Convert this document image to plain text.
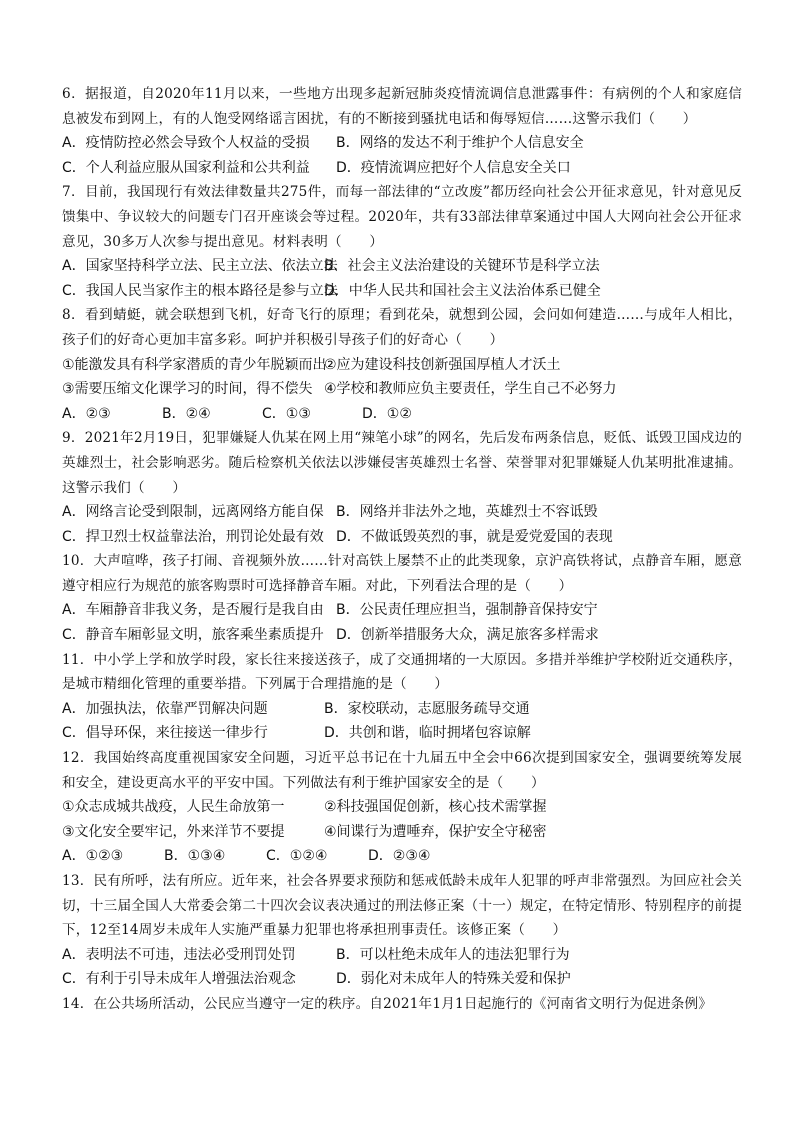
6．据报道，自2020年11月以来，一些地方出现多起新冠肺炎疫情流调信息泄露事件：有病例的个人和家庭信息被发布到网上，有的人饱受网络谣言困扰，有的不断接到骚扰电话和侮辱短信……这警示我们（　　）
A．疫情防控必然会导致个人权益的受损	B．网络的发达不利于维护个人信息安全
C．个人利益应服从国家利益和公共利益	D．疫情流调应把好个人信息安全关口
7．目前，我国现行有效法律数量共275件，而每一部法律的“立改废”都历经向社会公开征求意见，针对意见反馈集中、争议较大的问题专门召开座谈会等过程。2020年，共有33部法律草案通过中国人大网向社会公开征求意见，30多万人次参与提出意见。材料表明（　　）
A．国家坚持科学立法、民主立法、依法立法
B．社会主义法治建设的关键环节是科学立法
C．我国人民当家作主的根本路径是参与立法
D．中华人民共和国社会主义法治体系已健全
8．看到蜻蜓，就会联想到飞机，好奇飞行的原理；看到花朵，就想到公园，会问如何建造……与成年人相比，孩子们的好奇心更加丰富多彩。呵护并积极引导孩子们的好奇心（　　）
①能激发具有科学家潜质的青少年脱颖而出
②应为建设科技创新强国厚植人才沃土
③需要压缩文化课学习的时间，得不偿失 ④学校和教师应负主要责任，学生自己不必努力
A．②③	B．②④	C．①③	D．①②
9．2021年2月19日，犯罪嫌疑人仇某在网上用“辣笔小球”的网名，先后发布两条信息，贬低、诋毁卫国戍边的英雄烈士，社会影响恶劣。随后检察机关依法以涉嫌侵害英雄烈士名誉、荣誉罪对犯罪嫌疑人仇某明批准逮捕。这警示我们（　　）
A．网络言论受到限制，远离网络方能自保 B．网络并非法外之地，英雄烈士不容诋毁
C．捍卫烈士权益靠法治，刑罚论处最有效 D．不做诋毁英烈的事，就是爱党爱国的表现
10．大声喧哗，孩子打闹、音视频外放……针对高铁上屡禁不止的此类现象，京沪高铁将试，点静音车厢，愿意遵守相应行为规范的旅客购票时可选择静音车厢。对此，下列看法合理的是（　　）
A．车厢静音非我义务，是否履行是我自由 B．公民责任理应担当，强制静音保持安宁
C．静音车厢彰显文明，旅客乘坐素质提升 D．创新举措服务大众，满足旅客多样需求
11．中小学上学和放学时段，家长往来接送孩子，成了交通拥堵的一大原因。多措并举维护学校附近交通秩序，是城市精细化管理的重要举措。下列属于合理措施的是（　　）
A．加强执法，依靠严罚解决问题	B．家校联动，志愿服务疏导交通
C．倡导环保，来往接送一律步行	D．共创和谐，临时拥堵包容谅解
12．我国始终高度重视国家安全问题，习近平总书记在十九届五中全会中66次提到国家安全，强调要统筹发展和安全，建设更高水平的平安中国。下列做法有利于维护国家安全的是（　　）
①众志成城共战疫，人民生命放第一	②科技强国促创新，核心技术需掌握
③文化安全要牢记，外来洋节不要提	④间谍行为遭唾弃，保护安全守秘密
A．①②③	B．①③④	C．①②④	D．②③④
13．民有所呼，法有所应。近年来，社会各界要求预防和惩戒低龄未成年人犯罪的呼声非常强烈。为回应社会关切，十三届全国人大常委会第二十四次会议表决通过的刑法修正案（十一）规定，在特定情形、特别程序的前提下，12至14周岁未成年人实施严重暴力犯罪也将承担刑事责任。该修正案（　　）
A．表明法不可违，违法必受刑罚处罚	B．可以杜绝未成年人的违法犯罪行为
C．有利于引导未成年人增强法治观念	D．弱化对未成年人的特殊关爱和保护
14．在公共场所活动，公民应当遵守一定的秩序。自2021年1月1日起施行的《河南省文明行为促进条例》
